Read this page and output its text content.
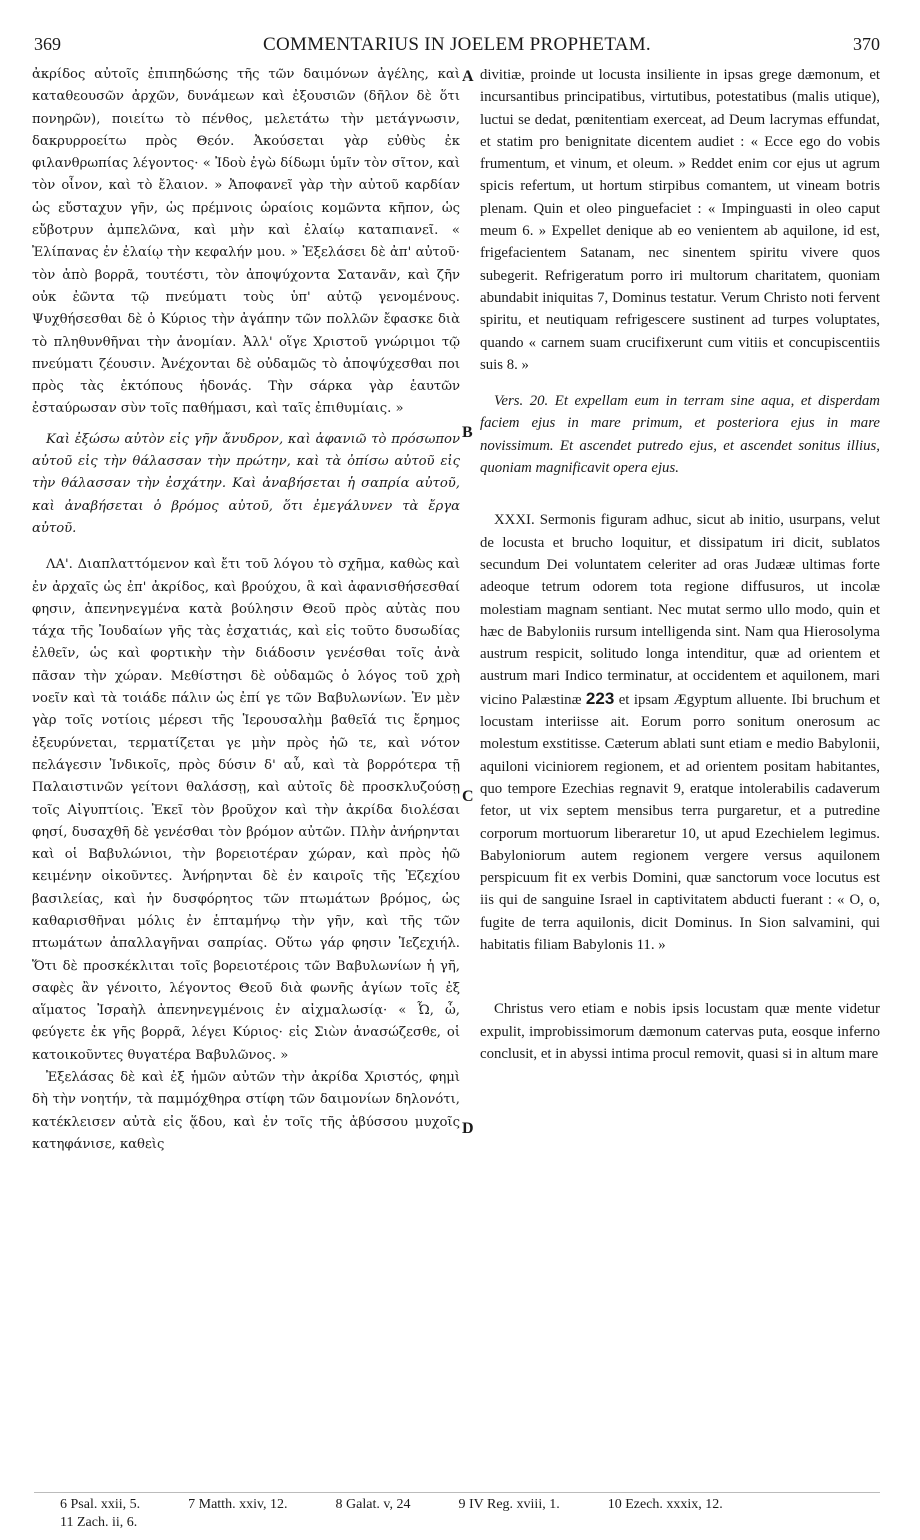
369	COMMENTARIUS IN JOELEM PROPHETAM.	370

ἀκρίδος αὐτοῖς ἐπιπηδώσης τῆς τῶν δαιμόνων ἀγέλης, καὶ καταθεουσῶν ἀρχῶν, δυνάμεων καὶ ἐξουσιῶν (δῆλον δὲ ὅτι πονηρῶν), ποιείτω τὸ πένθος, μελετάτω τὴν μετάγνωσιν, δακρυρροείτω πρὸς Θεόν. Ἀκούσεται γὰρ εὐθὺς ἐκ φιλανθρωπίας λέγοντος· « Ἰδοὺ ἐγὼ δίδωμι ὑμῖν τὸν σῖτον, καὶ τὸν οἶνον, καὶ τὸ ἔλαιον. » Ἀποφανεῖ γὰρ τὴν αὐτοῦ καρδίαν ὡς εὔσταχυν γῆν, ὡς πρέμνοις ὡραίοις κομῶντα κῆπον, ὡς εὔβοτρυν ἀμπελῶνα, καὶ μὴν καὶ ἐλαίῳ καταπιανεῖ. « Ἐλίπανας ἐν ἐλαίῳ τὴν κεφαλήν μου. » Ἐξελάσει δὲ ἀπ' αὐτοῦ· τὸν ἀπὸ βορρᾶ, τουτέστι, τὸν ἀποψύχοντα Σατανᾶν, καὶ ζῆν οὐκ ἐῶντα τῷ πνεύματι τοὺς ὑπ' αὐτῷ γενομένους. Ψυχθήσεσθαι δὲ ὁ Κύριος τὴν ἀγάπην τῶν πολλῶν ἔφασκε διὰ τὸ πληθυνθῆναι τὴν ἀνομίαν. Ἀλλ' οἵγε Χριστοῦ γνώριμοι τῷ πνεύματι ζέουσιν. Ἀνέχονται δὲ οὐδαμῶς τὸ ἀποψύχεσθαι ποι πρὸς τὰς ἐκτόπους ἡδονάς. Τὴν σάρκα γὰρ ἑαυτῶν ἐσταύρωσαν σὺν τοῖς παθήμασι, καὶ ταῖς ἐπιθυμίαις. »

Καὶ ἐξώσω αὐτὸν εἰς γῆν ἄνυδρον, καὶ ἀφανιῶ τὸ πρόσωπον αὐτοῦ εἰς τὴν θάλασσαν τὴν πρώτην, καὶ τὰ ὀπίσω αὐτοῦ εἰς τὴν θάλασσαν τὴν ἐσχάτην. Καὶ ἀναβήσεται ἡ σαπρία αὐτοῦ, καὶ ἀναβήσεται ὁ βρόμος αὐτοῦ, ὅτι ἐμεγάλυνεν τὰ ἔργα αὐτοῦ.

ΛΑ'. Διαπλαττόμενον καὶ ἔτι τοῦ λόγου τὸ σχῆμα, καθὼς καὶ ἐν ἀρχαῖς ὡς ἐπ' ἀκρίδος, καὶ βρούχου, ἃ καὶ ἀφανισθήσεσθαί φησιν, ἀπενηνεγμένα κατὰ βούλησιν Θεοῦ πρὸς αὐτὰς που τάχα τῆς Ἰουδαίων γῆς τὰς ἐσχατιάς, καὶ εἰς τοῦτο δυσωδίας ἐλθεῖν, ὡς καὶ φορτικὴν τὴν διάδοσιν γενέσθαι τοῖς ἀνὰ πᾶσαν τὴν χώραν. Μεθίστησι δὲ οὐδαμῶς ὁ λόγος τοῦ χρὴ νοεῖν καὶ τὰ τοιάδε πάλιν ὡς ἐπί γε τῶν Βαβυλωνίων. Ἐν μὲν γὰρ τοῖς νοτίοις μέρεσι τῆς Ἱερουσαλὴμ βαθεῖά τις ἔρημος ἐξευρύνεται, τερματίζεται γε μὴν πρὸς ἠῶ τε, καὶ νότον πελάγεσιν Ἰνδικοῖς, πρὸς δύσιν δ' αὖ, καὶ τὰ βορρότερα τῇ Παλαιστινῶν γείτονι θαλάσσῃ, καὶ αὐτοῖς δὲ προσκλυζούσῃ τοῖς Αἰγυπτίοις. Ἐκεῖ τὸν βροῦχον καὶ τὴν ἀκρίδα διολέσαι φησί, δυσαχθῆ δὲ γενέσθαι τὸν βρόμον αὐτῶν. Πλὴν ἀνήρηνται καὶ οἱ Βαβυλώνιοι, τὴν βορειοτέραν χώραν, καὶ πρὸς ἠῶ κειμένην οἰκοῦντες. Ἀνήρηνται δὲ ἐν καιροῖς τῆς Ἐζεχίου βασιλείας, καὶ ἡν δυσφόρητος τῶν πτωμάτων βρόμος, ὡς καθαρισθῆναι μόλις ἐν ἑπταμήνῳ τὴν γῆν, καὶ τῆς τῶν πτωμάτων ἀπαλλαγῆναι σαπρίας. Οὕτω γάρ φησιν Ἰεζεχιήλ. Ὅτι δὲ προσκέκλιται τοῖς βορειοτέροις τῶν Βαβυλωνίων ἡ γῆ, σαφὲς ἂν γένοιτο, λέγοντος Θεοῦ διὰ φωνῆς ἁγίων τοῖς ἐξ αἵματος Ἰσραὴλ ἀπενηνεγμένοις ἐν αἰχμαλωσίᾳ· « Ὦ, ὦ, φεύγετε ἐκ γῆς βορρᾶ, λέγει Κύριος· εἰς Σιὼν ἀνασώζεσθε, οἱ κατοικοῦντες θυγατέρα Βαβυλῶνος. »

Ἐξελάσας δὲ καὶ ἐξ ἡμῶν αὐτῶν τὴν ἀκρίδα Χριστός, φημὶ δὴ τὴν νοητήν, τὰ παμμόχθηρα στίφη τῶν δαιμονίων δηλονότι, κατέκλεισεν αὐτὰ εἰς ᾅδου, καὶ ἐν τοῖς τῆς ἀβύσσου μυχοῖς κατηφάνισε, καθεὶς

divitiæ, proinde ut locusta insiliente in ipsas grege dæmonum, et incursantibus principatibus, virtutibus, potestatibus (malis utique), luctui se dedat, pœnitentiam exerceat, ad Deum lacrymas effundat, et statim pro benignitate dicentem audiet : « Ecce ego do vobis frumentum, et vinum, et oleum. » Reddet enim cor ejus ut agrum spicis refertum, ut hortum stirpibus comantem, ut vineam botris plenam. Quin et oleo pinguefaciet : « Impinguasti in oleo caput meum 6. » Expellet denique ab eo venientem ab aquilone, id est, frigefacientem Satanam, nec sinentem spiritu vivere quos subegerit. Refrigeratum porro iri multorum charitatem, quoniam abundabit iniquitas 7, Dominus testatur. Verum Christo noti fervent spiritu, et neutiquam refrigescere sustinent ad turpes voluptates, quando « carnem suam crucifixerunt cum vitiis et concupiscentiis suis 8. »

Vers. 20. Et expellam eum in terram sine aqua, et disperdam faciem ejus in mare primum, et posteriora ejus in mare novissimum. Et ascendet putredo ejus, et ascendet sonitus illius, quoniam magnificavit opera ejus.

XXXI. Sermonis figuram adhuc, sicut ab initio, usurpans, velut de locusta et brucho loquitur, et dissipatum iri dicit, sublatos secundum Dei voluntatem celeriter ad oras Judææ ultimas forte adeoque tetrum odorem tota regione diffusuros, ut incolæ molestiam magnam sentiant. Nec mutat sermo ullo modo, quin et hæc de Babyloniis rursum intelligenda sint. Nam qua Hierosolyma austrum respicit, solitudo longa intenditur, quæ ad orientem et austrum mari Indico terminatur, at occidentem et aquilonem, mari vicino Palæstinæ 223 et ipsam Ægyptum alluente. Ibi bruchum et locustam interiisse ait. Eorum porro sonitum onerosum ac molestum exstitisse. Cæterum ablati sunt etiam e medio Babylonii, aquiloni viciniorem regionem, et ad orientem positam habitantes, quo tempore Ezechias regnavit 9, eratque intolerabilis cadaverum fetor, ut vix septem mensibus terra purgaretur, et a putredine corporum mortuorum liberaretur 10, ut apud Ezechielem legimus. Babyloniorum autem regionem vergere versus aquilonem perspicuum fit ex verbis Domini, quæ sanctorum voce locutus est iis qui de sanguine Israel in captivitatem abducti fuerant : « O, o, fugite de terra aquilonis, dicit Dominus. In Sion salvamini, qui habitatis filiam Babylonis 11. »

Christus vero etiam e nobis ipsis locustam quæ mente videtur expulit, improbissimorum dæmonum catervas puta, eosque inferno conclusit, et in abyssi intima procul removit, quasi si in altum mare

A
B
C
D
6 Psal. xxii, 5.	7 Matth. xxiv, 12.	8 Galat. v, 24	9 IV Reg. xviii, 1.	10 Ezech. xxxix, 12.
11 Zach. ii, 6.
